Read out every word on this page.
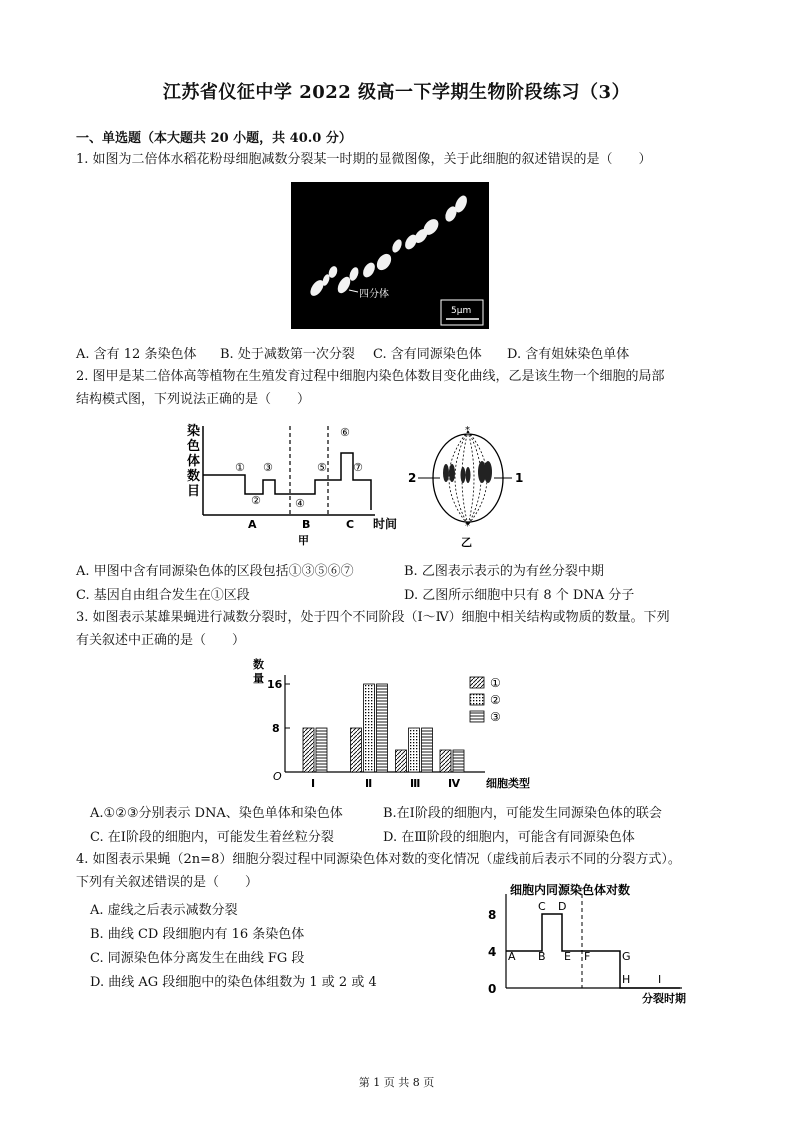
江苏省仪征中学 2022 级高一下学期生物阶段练习（3）
一、单选题（本大题共 20 小题，共 40.0 分）
1. 如图为二倍体水稻花粉母细胞减数分裂某一时期的显微图像，关于此细胞的叙述错误的是（　　）
四分体
5μm
A. 含有 12 条染色体 B. 处于减数第一次分裂 C. 含有同源染色体 D. 含有姐妹染色单体
2. 图甲是某二倍体高等植物在生殖发育过程中细胞内染色体数目变化曲线，乙是该生物一个细胞的局部
结构模式图，下列说法正确的是（　　）
染
色
体
数
目
①
②
③
④
⑤
⑥
⑦
A	B	C 时间
甲
*
*
2	1
乙
A. 甲图中含有同源染色体的区段包括①③⑤⑥⑦	B. 乙图表示表示的为有丝分裂中期
C. 基因自由组合发生在①区段	D. 乙图所示细胞中只有 8 个 DNA 分子
3. 如图表示某雄果蝇进行减数分裂时，处于四个不同阶段（Ⅰ～Ⅳ）细胞中相关结构或物质的数量。下列
有关叙述中正确的是（　　）
数
量 16
8
O
细胞类型
Ⅰ	Ⅱ	Ⅲ	Ⅳ
①
②
③
A.①②③分别表示 DNA、染色单体和染色体	B.在Ⅰ阶段的细胞内，可能发生同源染色体的联会
C. 在Ⅰ阶段的细胞内，可能发生着丝粒分裂	D. 在Ⅲ阶段的细胞内，可能含有同源染色体
4. 如图表示果蝇（2n=8）细胞分裂过程中同源染色体对数的变化情况（虚线前后表示不同的分裂方式）。
下列有关叙述错误的是（　　）
A. 虚线之后表示减数分裂
B. 曲线 CD 段细胞内有 16 条染色体
C. 同源染色体分离发生在曲线 FG 段
D. 曲线 AG 段细胞中的染色体组数为 1 或 2 或 4
细胞内同源染色体对数
0
4
8
A B
C D
E F	G
H	I
分裂时期
第 1 页 共 8 页
